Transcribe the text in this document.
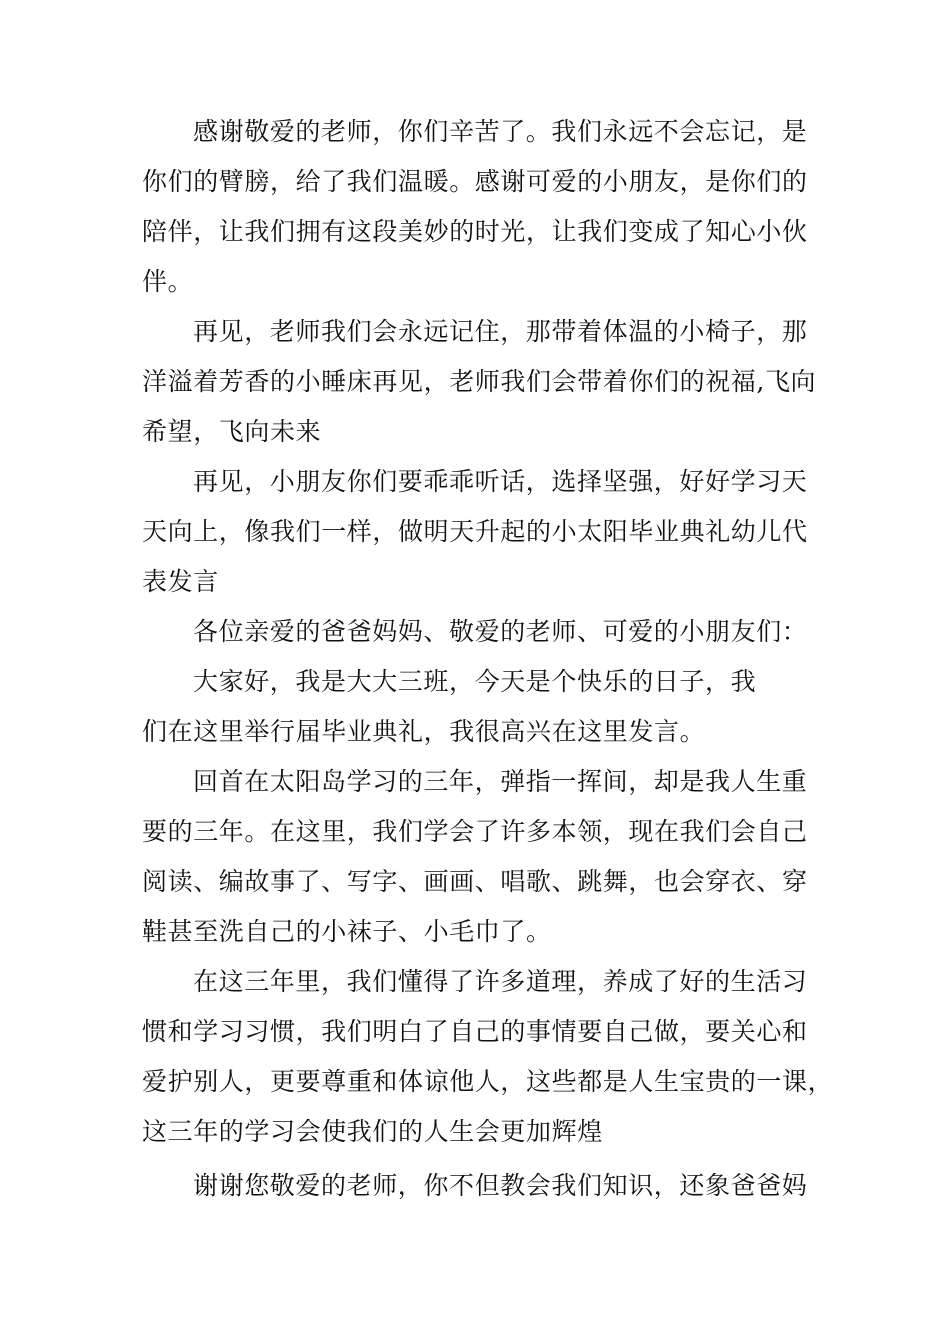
感谢敬爱的老师，你们辛苦了。我们永远不会忘记，是
你们的臂膀，给了我们温暖。感谢可爱的小朋友，是你们的
陪伴，让我们拥有这段美妙的时光，让我们变成了知心小伙
伴。
再见，老师我们会永远记住，那带着体温的小椅子，那
洋溢着芳香的小睡床再见，老师我们会带着你们的祝福,飞向
希望，飞向未来
再见，小朋友你们要乖乖听话，选择坚强，好好学习天
天向上，像我们一样，做明天升起的小太阳毕业典礼幼儿代
表发言
各位亲爱的爸爸妈妈、敬爱的老师、可爱的小朋友们：
大家好，我是大大三班，今天是个快乐的日子，我
们在这里举行届毕业典礼，我很高兴在这里发言。
回首在太阳岛学习的三年，弹指一挥间，却是我人生重
要的三年。在这里，我们学会了许多本领，现在我们会自己
阅读、编故事了、写字、画画、唱歌、跳舞，也会穿衣、穿
鞋甚至洗自己的小袜子、小毛巾了。
在这三年里，我们懂得了许多道理，养成了好的生活习
惯和学习习惯，我们明白了自己的事情要自己做，要关心和
爱护别人，更要尊重和体谅他人，这些都是人生宝贵的一课，
这三年的学习会使我们的人生会更加辉煌
谢谢您敬爱的老师，你不但教会我们知识，还象爸爸妈
